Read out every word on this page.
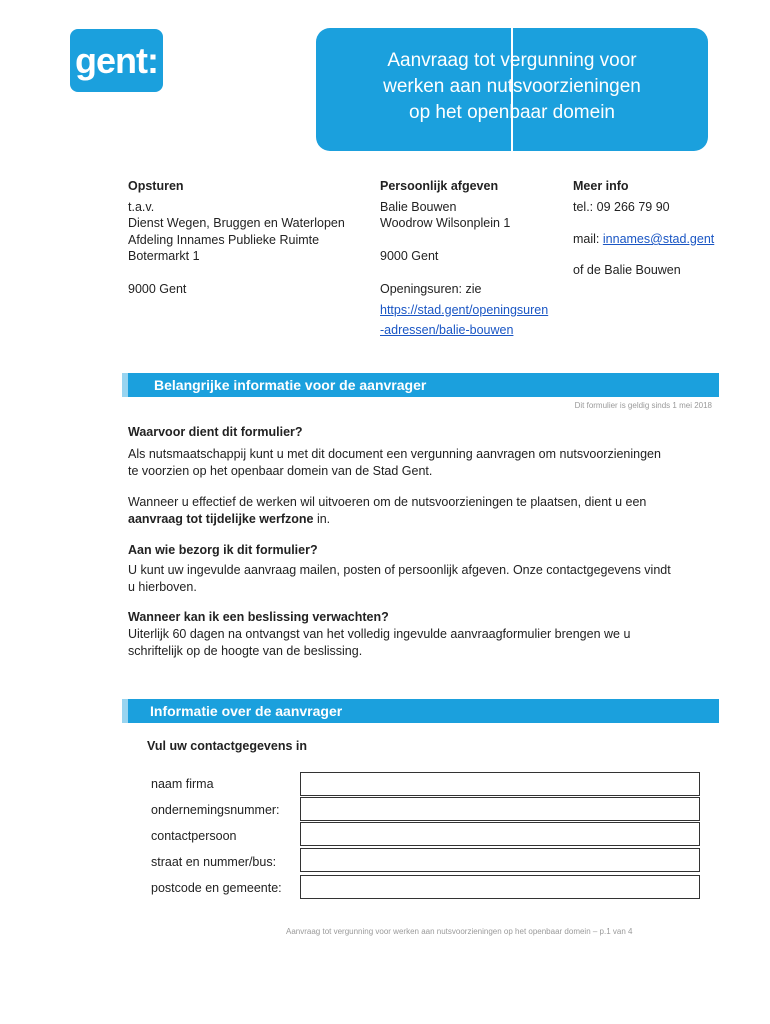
gent:	Aanvraag tot vergunning voor
werken aan nutsvoorzieningen
op het openbaar domein
Opsturen
t.a.v.
Dienst Wegen, Bruggen en Waterlopen
Afdeling Innames Publieke Ruimte
Botermarkt 1
9000 Gent
Persoonlijk afgeven
Balie Bouwen
Woodrow Wilsonplein 1
9000 Gent
Openingsuren: zie
https://stad.gent/openingsuren
-adressen/balie-bouwen
Meer info
tel.: 09 266 79 90
mail: innames@stad.gent
of de Balie Bouwen
Belangrijke informatie voor de aanvrager
Dit formulier is geldig sinds 1 mei 2018
Waarvoor dient dit formulier?
Als nutsmaatschappij kunt u met dit document een vergunning aanvragen om nutsvoorzieningen
te voorzien op het openbaar domein van de Stad Gent.
Wanneer u effectief de werken wil uitvoeren om de nutsvoorzieningen te plaatsen, dient u een
aanvraag tot tijdelijke werfzone in.
Aan wie bezorg ik dit formulier?
U kunt uw ingevulde aanvraag mailen, posten of persoonlijk afgeven. Onze contactgegevens vindt
u hierboven.
Wanneer kan ik een beslissing verwachten?
Uiterlijk 60 dagen na ontvangst van het volledig ingevulde aanvraagformulier brengen we u
schriftelijk op de hoogte van de beslissing.
Informatie over de aanvrager
Vul uw contactgegevens in
naam firma
ondernemingsnummer:
contactpersoon
straat en nummer/bus:
postcode en gemeente:
Aanvraag tot vergunning voor werken aan nutsvoorzieningen op het openbaar domein – p.1 van 4
